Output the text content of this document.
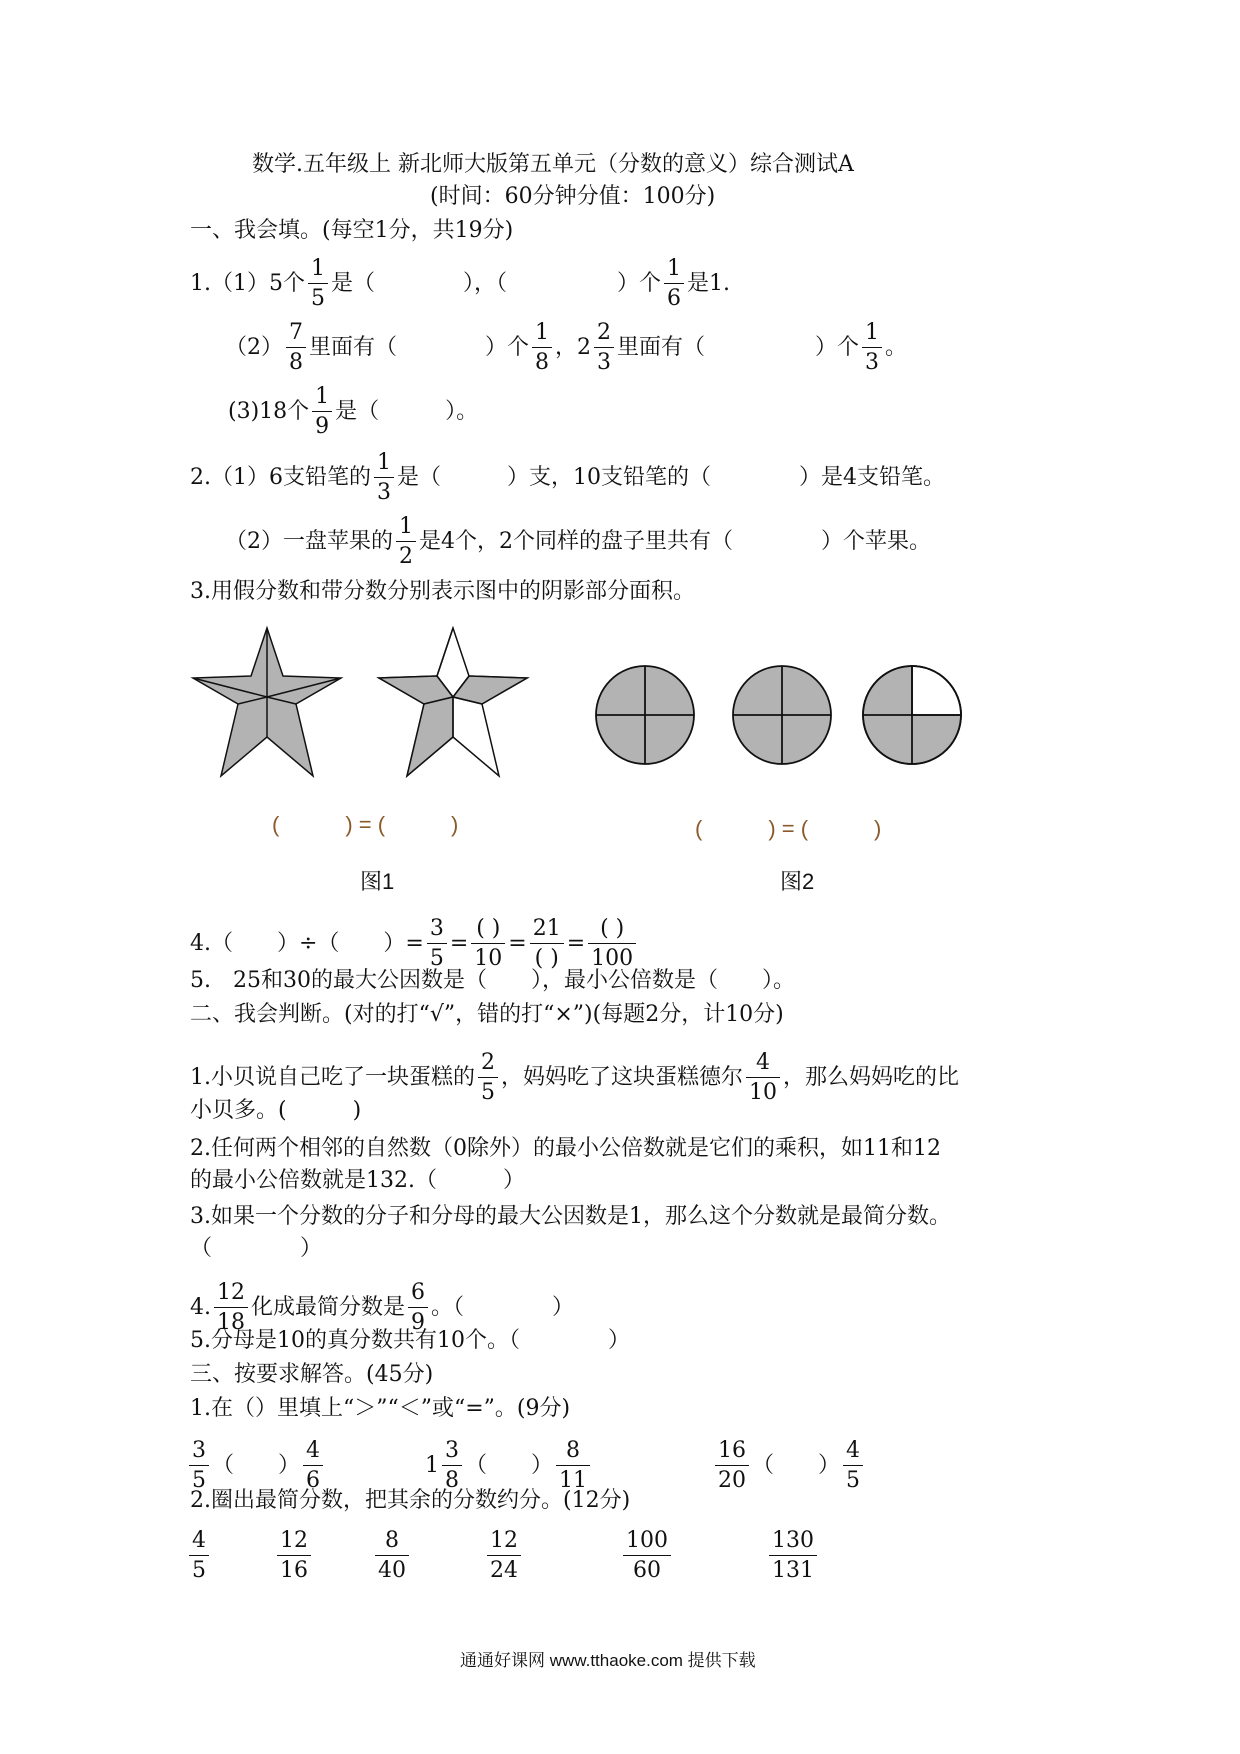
数学.五年级上 新北师大版第五单元（分数的意义）综合测试A
(时间：60分钟分值：100分)
一、我会填。(每空1分，共19分)
1.（1）5个 $\frac{1}{5}$ 是（　　　　），（　　　　　）个 $\frac{1}{6}$ 是1.
$(2) \frac{7}{8}$ 里面有（　　　　）个 $\frac{1}{8}$ ，$2 \frac{2}{3}$ 里面有（　　　　　）个 $\frac{1}{3}$ 。
(3)18个 $\frac{1}{9}$ 是（　　　）。
2.（1）6支铅笔的 $\frac{1}{3}$ 是（　　　）支，10支铅笔的（　　　　）是4支铅笔。
（2）一盘苹果的 $\frac{1}{2}$ 是4个，2个同样的盘子里共有（　　　　）个苹果。
3.用假分数和带分数分别表示图中的阴影部分面积。
(　　　) = (　　　)	(　　　) = (　　　)
图1	图2
4.（　　）÷（　　）= $\frac{3}{5}$ =
( )
10
=
21
( )
=
( )
100
5.　25和30的最大公因数是（　　），最小公倍数是（　　）。
二、我会判断。(对的打“√”，错的打“×”)(每题2分，计10分)
1.小贝说自己吃了一块蛋糕的 $\frac{2}{5}$ ，妈妈吃了这块蛋糕德尔 $\frac{4}{10}$ ，那么妈妈吃的比
小贝多。(　　　)
2.任何两个相邻的自然数（0除外）的最小公倍数就是它们的乘积，如11和12
的最小公倍数就是132.（　　　）
3.如果一个分数的分子和分母的最大公因数是1，那么这个分数就是最简分数。
（　　　　）
4. $\frac{12}{18}$ 化成最简分数是 $\frac{6}{9}$ 。（　　　　）
5.分母是10的真分数共有10个。（　　　　）
三、按要求解答。(45分)
1.在（）里填上“＞”“＜”或“=”。(9分)
$\frac{3}{5}$ （　　） $\frac{4}{6}$	$1 \frac{3}{8}$ （　　） $\frac{8}{11}$	$\frac{16}{20}$ （　　） $\frac{4}{5}$
2.圈出最简分数，把其余的分数约分。(12分)
$\frac{4}{5}$	$\frac{12}{16}$	$\frac{8}{40}$	$\frac{12}{24}$	$\frac{100}{60}$	$\frac{130}{131}$
通通好课网 www.tthaoke.com 提供下载
